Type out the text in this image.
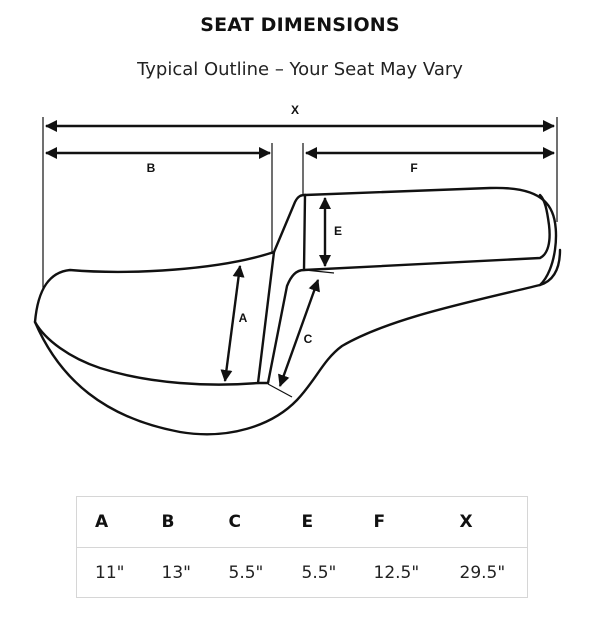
SEAT DIMENSIONS
Typical Outline – Your Seat May Vary
X
B	F
E
A
C
A	B	C	E	F	X
11"	13"	5.5"	5.5"	12.5"	29.5"
